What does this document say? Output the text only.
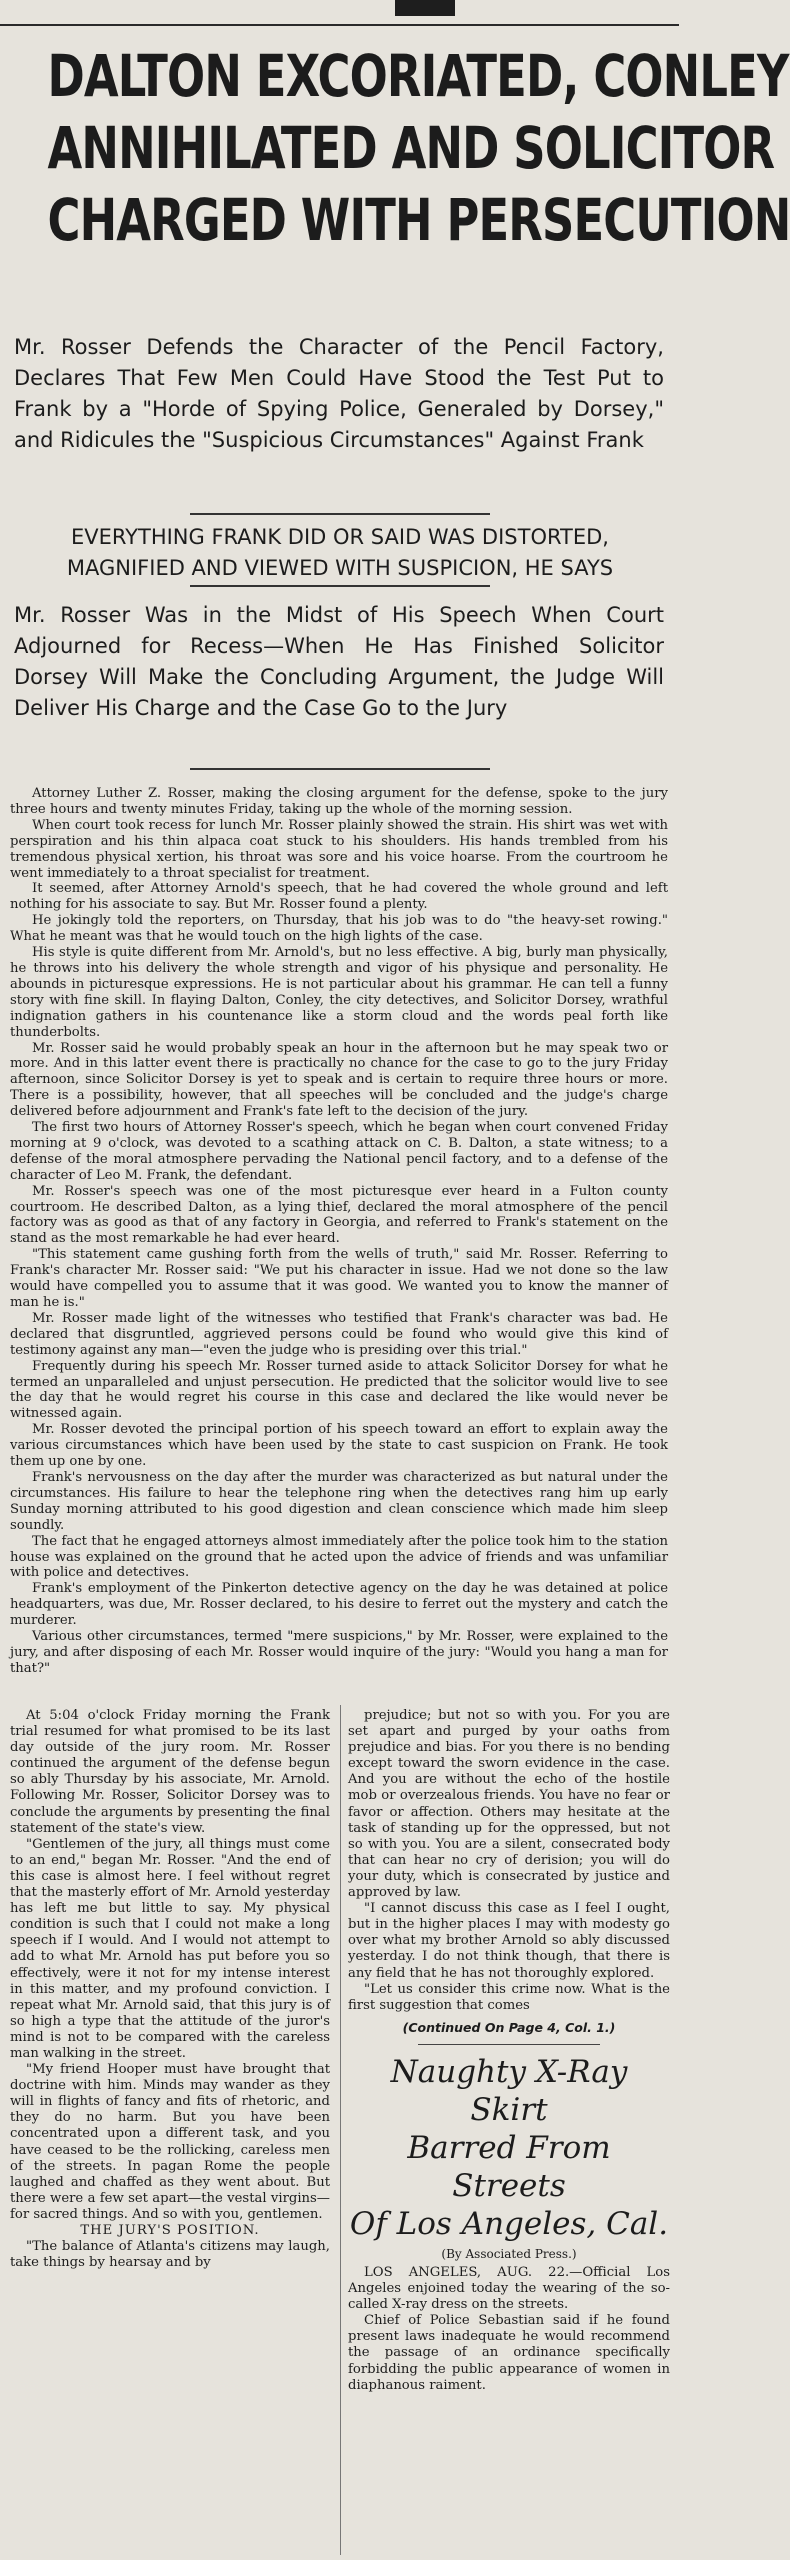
DALTON EXCORIATED, CONLEY
ANNIHILATED AND SOLICITOR
CHARGED WITH PERSECUTION
Mr. Rosser Defends the Character of the Pencil Factory, Declares That Few Men Could Have Stood the Test Put to Frank by a "Horde of Spying Police, Generaled by Dorsey," and Ridicules the "Suspicious Circumstances" Against Frank
EVERYTHING FRANK DID OR SAID WAS DISTORTED,
MAGNIFIED AND VIEWED WITH SUSPICION, HE SAYS
Mr. Rosser Was in the Midst of His Speech When Court Adjourned for Recess—When He Has Finished Solicitor Dorsey Will Make the Concluding Argument, the Judge Will Deliver His Charge and the Case Go to the Jury

Attorney Luther Z. Rosser, making the closing argument for the defense, spoke to the jury three hours and twenty minutes Friday, taking up the whole of the morning session.

When court took recess for lunch Mr. Rosser plainly showed the strain. His shirt was wet with perspiration and his thin alpaca coat stuck to his shoulders. His hands trembled from his tremendous physical xertion, his throat was sore and his voice hoarse. From the courtroom he went immediately to a throat specialist for treatment.

It seemed, after Attorney Arnold's speech, that he had covered the whole ground and left nothing for his associate to say. But Mr. Rosser found a plenty.

He jokingly told the reporters, on Thursday, that his job was to do "the heavy-set rowing." What he meant was that he would touch on the high lights of the case.

His style is quite different from Mr. Arnold's, but no less effective. A big, burly man physically, he throws into his delivery the whole strength and vigor of his physique and personality. He abounds in picturesque expressions. He is not particular about his grammar. He can tell a funny story with fine skill. In flaying Dalton, Conley, the city detectives, and Solicitor Dorsey, wrathful indignation gathers in his countenance like a storm cloud and the words peal forth like thunderbolts.

Mr. Rosser said he would probably speak an hour in the afternoon but he may speak two or more. And in this latter event there is practically no chance for the case to go to the jury Friday afternoon, since Solicitor Dorsey is yet to speak and is certain to require three hours or more. There is a possibility, however, that all speeches will be concluded and the judge's charge delivered before adjournment and Frank's fate left to the decision of the jury.

The first two hours of Attorney Rosser's speech, which he began when court convened Friday morning at 9 o'clock, was devoted to a scathing attack on C. B. Dalton, a state witness; to a defense of the moral atmosphere pervading the National pencil factory, and to a defense of the character of Leo M. Frank, the defendant.

Mr. Rosser's speech was one of the most picturesque ever heard in a Fulton county courtroom. He described Dalton, as a lying thief, declared the moral atmosphere of the pencil factory was as good as that of any factory in Georgia, and referred to Frank's statement on the stand as the most remarkable he had ever heard.

"This statement came gushing forth from the wells of truth," said Mr. Rosser. Referring to Frank's character Mr. Rosser said: "We put his character in issue. Had we not done so the law would have compelled you to assume that it was good. We wanted you to know the manner of man he is."

Mr. Rosser made light of the witnesses who testified that Frank's character was bad. He declared that disgruntled, aggrieved persons could be found who would give this kind of testimony against any man—"even the judge who is presiding over this trial."

Frequently during his speech Mr. Rosser turned aside to attack Solicitor Dorsey for what he termed an unparalleled and unjust persecution. He predicted that the solicitor would live to see the day that he would regret his course in this case and declared the like would never be witnessed again.

Mr. Rosser devoted the principal portion of his speech toward an effort to explain away the various circumstances which have been used by the state to cast suspicion on Frank. He took them up one by one.

Frank's nervousness on the day after the murder was characterized as but natural under the circumstances. His failure to hear the telephone ring when the detectives rang him up early Sunday morning attributed to his good digestion and clean conscience which made him sleep soundly.

The fact that he engaged attorneys almost immediately after the police took him to the station house was explained on the ground that he acted upon the advice of friends and was unfamiliar with police and detectives.

Frank's employment of the Pinkerton detective agency on the day he was detained at police headquarters, was due, Mr. Rosser declared, to his desire to ferret out the mystery and catch the murderer.

Various other circumstances, termed "mere suspicions," by Mr. Rosser, were explained to the jury, and after disposing of each Mr. Rosser would inquire of the jury: "Would you hang a man for that?"

At 5:04 o'clock Friday morning the Frank trial resumed for what promised to be its last day outside of the jury room. Mr. Rosser continued the argument of the defense begun so ably Thursday by his associate, Mr. Arnold. Following Mr. Rosser, Solicitor Dorsey was to conclude the arguments by presenting the final statement of the state's view.

"Gentlemen of the jury, all things must come to an end," began Mr. Rosser. "And the end of this case is almost here. I feel without regret that the masterly effort of Mr. Arnold yesterday has left me but little to say. My physical condition is such that I could not make a long speech if I would. And I would not attempt to add to what Mr. Arnold has put before you so effectively, were it not for my intense interest in this matter, and my profound conviction. I repeat what Mr. Arnold said, that this jury is of so high a type that the attitude of the juror's mind is not to be compared with the careless man walking in the street.

"My friend Hooper must have brought that doctrine with him. Minds may wander as they will in flights of fancy and fits of rhetoric, and they do no harm. But you have been concentrated upon a different task, and you have ceased to be the rollicking, careless men of the streets. In pagan Rome the people laughed and chaffed as they went about. But there were a few set apart—the vestal virgins—for sacred things. And so with you, gentlemen.

THE JURY'S POSITION.

"The balance of Atlanta's citizens may laugh, take things by hearsay and by

prejudice; but not so with you. For you are set apart and purged by your oaths from prejudice and bias. For you there is no bending except toward the sworn evidence in the case. And you are without the echo of the hostile mob or overzealous friends. You have no fear or favor or affection. Others may hesitate at the task of standing up for the oppressed, but not so with you. You are a silent, consecrated body that can hear no cry of derision; you will do your duty, which is consecrated by justice and approved by law.

"I cannot discuss this case as I feel I ought, but in the higher places I may with modesty go over what my brother Arnold so ably discussed yesterday. I do not think though, that there is any field that he has not thoroughly explored.

"Let us consider this crime now. What is the first suggestion that comes

(Continued On Page 4, Col. 1.)

Naughty X-Ray Skirt

Barred From Streets

Of Los Angeles, Cal.

(By Associated Press.)

LOS ANGELES, AUG. 22.—Official Los Angeles enjoined today the wearing of the so-called X-ray dress on the streets.

Chief of Police Sebastian said if he found present laws inadequate he would recommend the passage of an ordinance specifically forbidding the public appearance of women in diaphanous raiment.
